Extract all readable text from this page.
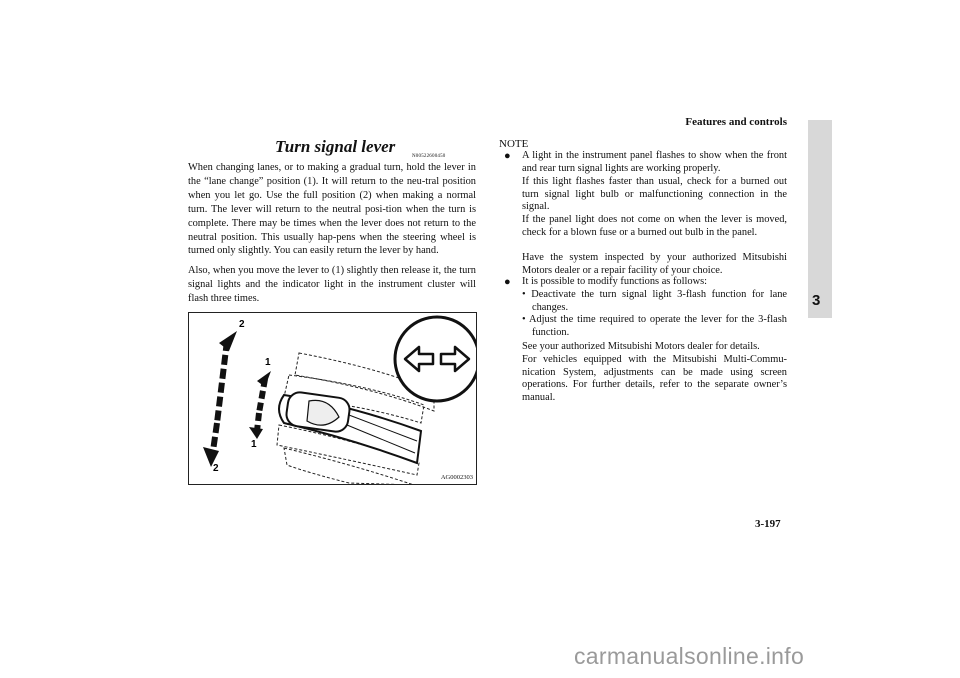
Features and controls
3
Turn signal lever
N00522600450

When changing lanes, or to making a gradual turn, hold the lever in the “lane change” position (1). It will return to the neu-tral position when you let go. Use the full position (2) when making a normal turn. The lever will return to the neutral posi-tion when the turn is complete. There may be times when the lever does not return to the neutral position. This usually hap-pens when the steering wheel is turned only slightly. You can easily return the lever by hand.

Also, when you move the lever to (1) slightly then release it, the turn signal lights and the indicator light in the instrument cluster will flash three times.

2
1
1
2
AG0002303
NOTE
● A light in the instrument panel flashes to show when the front and rear turn signal lights are working properly.

If this light flashes faster than usual, check for a burned out turn signal light bulb or malfunctioning connection in the signal.

If the panel light does not come on when the lever is moved, check for a blown fuse or a burned out bulb in the panel.

Have the system inspected by your authorized Mitsubishi Motors dealer or a repair facility of your choice.

● It is possible to modify functions as follows:

• Deactivate the turn signal light 3-flash function for lane changes.

• Adjust the time required to operate the lever for the 3-flash function.

See your authorized Mitsubishi Motors dealer for details.

For vehicles equipped with the Mitsubishi Multi-Commu-nication System, adjustments can be made using screen operations. For further details, refer to the separate owner’s manual.

3-197
carmanualsonline.info
